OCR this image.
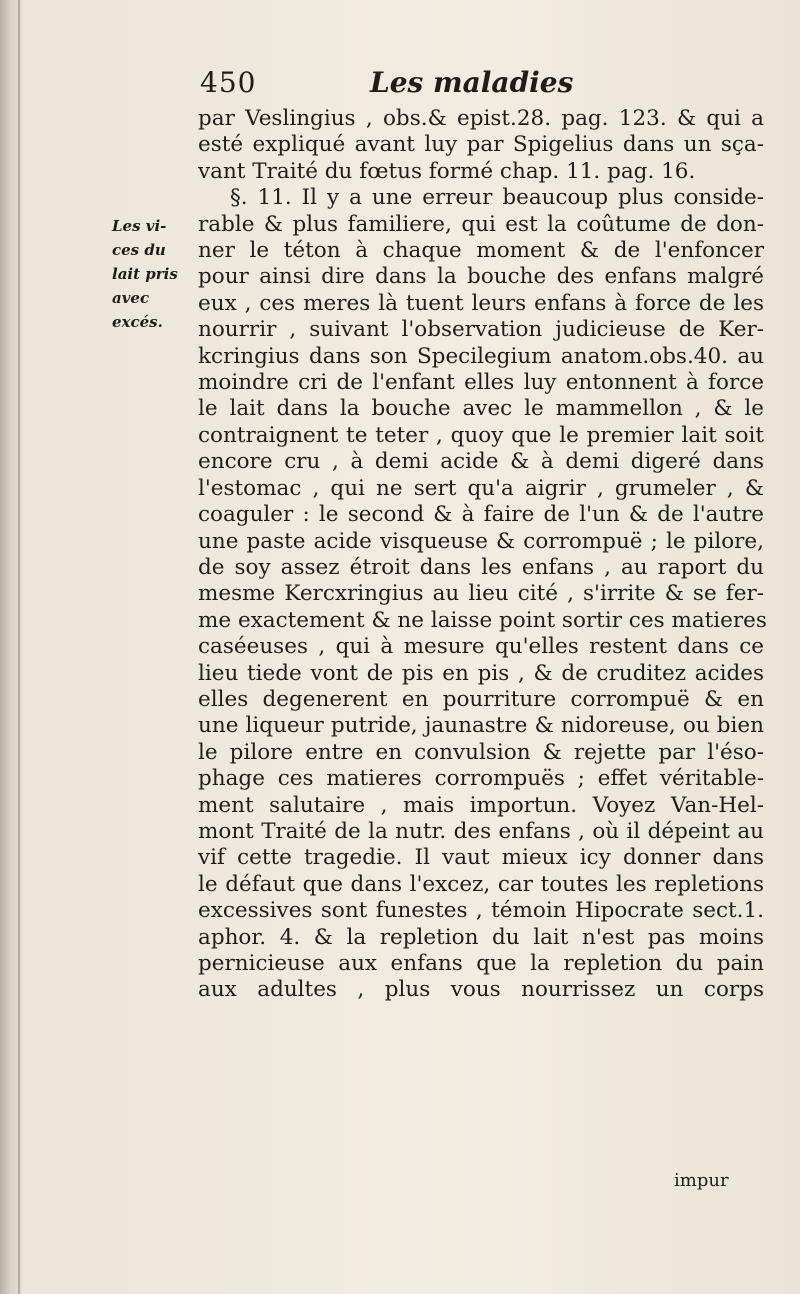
450	Les maladies
Les vi-
ces du
lait pris
avec
excés.
par Veslingius , obs.& epist.28. pag. 123. & qui a
esté expliqué avant luy par Spigelius dans un sça-
vant Traité du fœtus formé chap. 11. pag. 16.
§. 11. Il y a une erreur beaucoup plus conside-
rable & plus familiere, qui est la coûtume de don-
ner le téton à chaque moment & de l'enfoncer
pour ainsi dire dans la bouche des enfans malgré
eux , ces meres là tuent leurs enfans à force de les
nourrir , suivant l'observation judicieuse de Ker-
kcringius dans son Specilegium anatom.obs.40. au
moindre cri de l'enfant elles luy entonnent à force
le lait dans la bouche avec le mammellon , & le
contraignent te teter , quoy que le premier lait soit
encore cru , à demi acide & à demi digeré dans
l'estomac , qui ne sert qu'a aigrir , grumeler , &
coaguler : le second & à faire de l'un & de l'autre
une paste acide visqueuse & corrompuë ; le pilore,
de soy assez étroit dans les enfans , au raport du
mesme Kercxringius au lieu cité , s'irrite & se fer-
me exactement & ne laisse point sortir ces matieres
caséeuses , qui à mesure qu'elles restent dans ce
lieu tiede vont de pis en pis , & de cruditez acides
elles degenerent en pourriture corrompuë & en
une liqueur putride, jaunastre & nidoreuse, ou bien
le pilore entre en convulsion & rejette par l'éso-
phage ces matieres corrompuës ; effet véritable-
ment salutaire , mais importun. Voyez Van-Hel-
mont Traité de la nutr. des enfans , où il dépeint au
vif cette tragedie. Il vaut mieux icy donner dans
le défaut que dans l'excez, car toutes les repletions
excessives sont funestes , témoin Hipocrate sect.1.
aphor. 4. & la repletion du lait n'est pas moins
pernicieuse aux enfans que la repletion du pain
aux adultes , plus vous nourrissez un corps
impur
